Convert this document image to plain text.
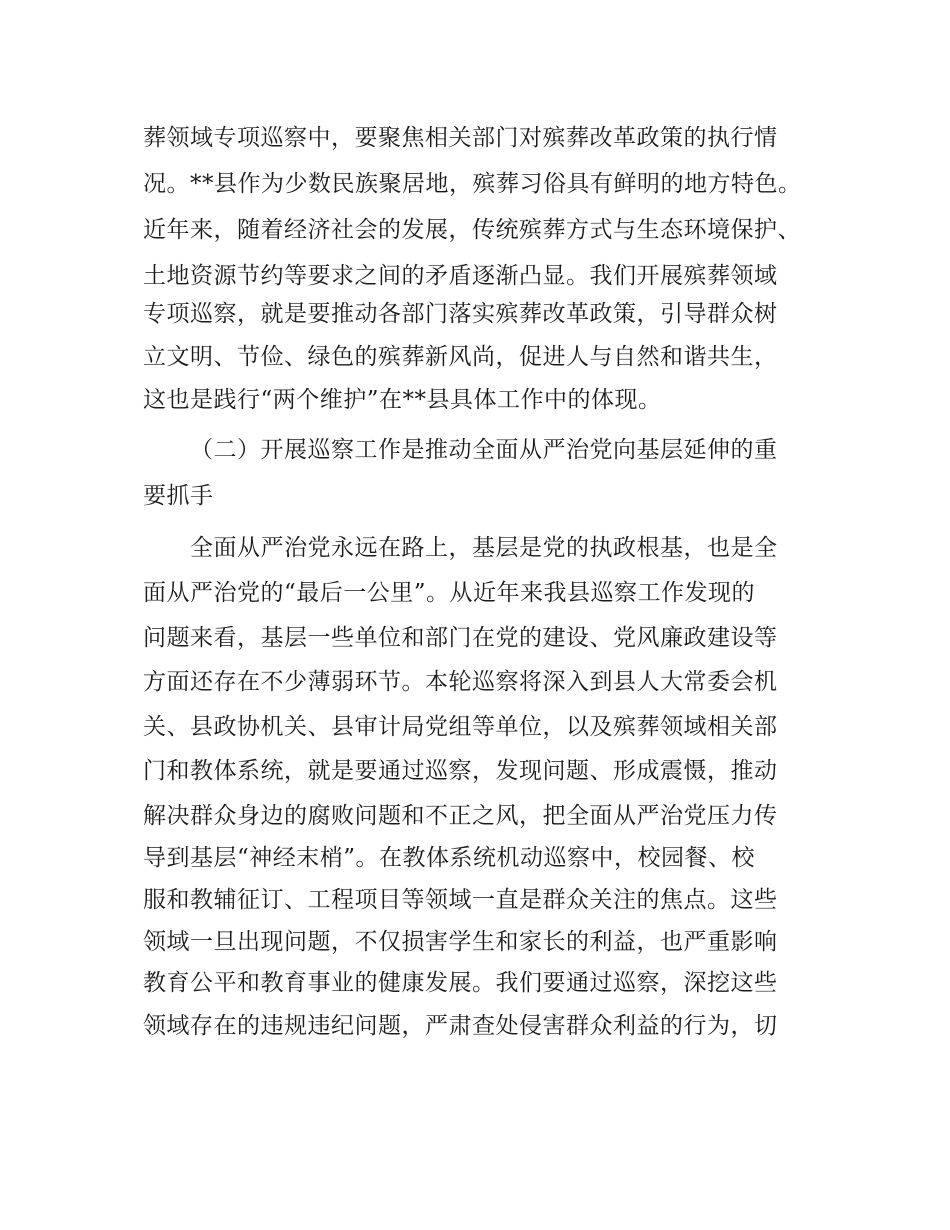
葬领域专项巡察中，要聚焦相关部门对殡葬改革政策的执行情
况。**县作为少数民族聚居地，殡葬习俗具有鲜明的地方特色。
近年来，随着经济社会的发展，传统殡葬方式与生态环境保护、
土地资源节约等要求之间的矛盾逐渐凸显。我们开展殡葬领域
专项巡察，就是要推动各部门落实殡葬改革政策，引导群众树
立文明、节俭、绿色的殡葬新风尚，促进人与自然和谐共生，
这也是践行“两个维护”在**县具体工作中的体现。
（二）开展巡察工作是推动全面从严治党向基层延伸的重
要抓手
全面从严治党永远在路上，基层是党的执政根基，也是全
面从严治党的“最后一公里”。从近年来我县巡察工作发现的
问题来看，基层一些单位和部门在党的建设、党风廉政建设等
方面还存在不少薄弱环节。本轮巡察将深入到县人大常委会机
关、县政协机关、县审计局党组等单位，以及殡葬领域相关部
门和教体系统，就是要通过巡察，发现问题、形成震慑，推动
解决群众身边的腐败问题和不正之风，把全面从严治党压力传
导到基层“神经末梢”。在教体系统机动巡察中，校园餐、校
服和教辅征订、工程项目等领域一直是群众关注的焦点。这些
领域一旦出现问题，不仅损害学生和家长的利益，也严重影响
教育公平和教育事业的健康发展。我们要通过巡察，深挖这些
领域存在的违规违纪问题，严肃查处侵害群众利益的行为，切
